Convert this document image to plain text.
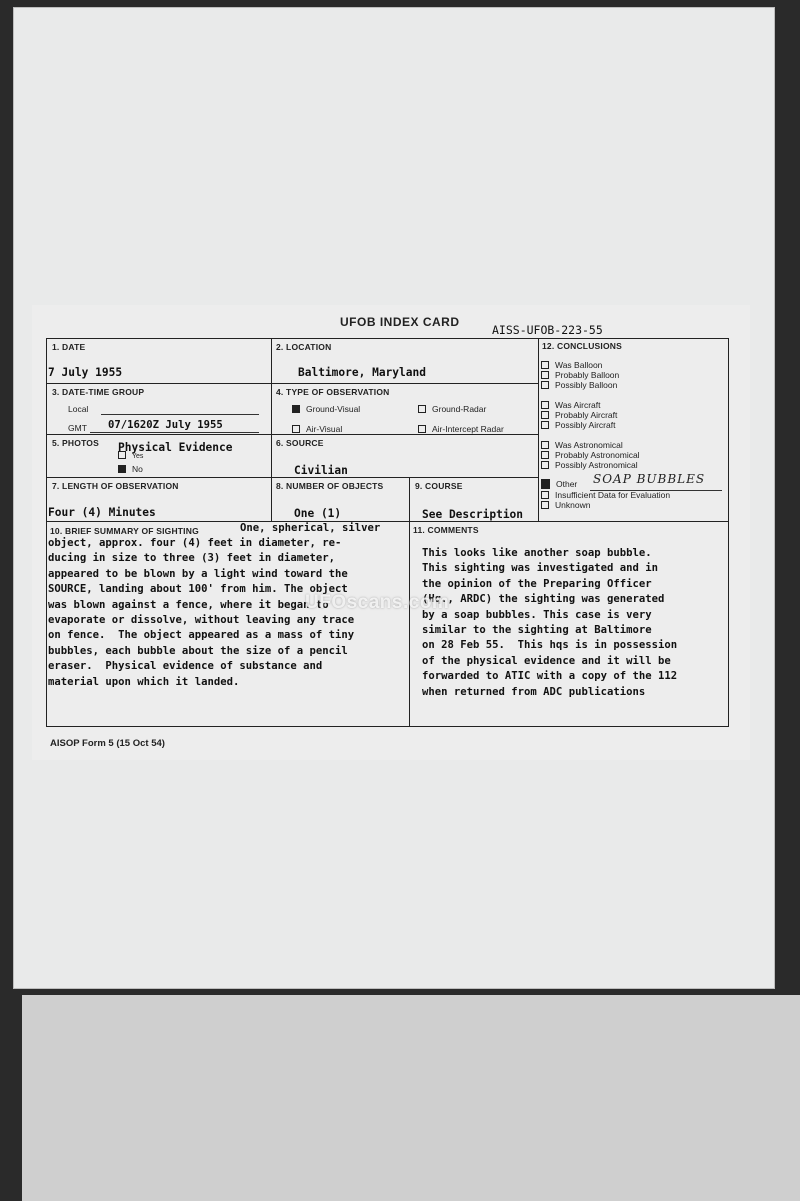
UFOB INDEX CARD
AISS-UFOB-223-55
1. DATE
7 July 1955
2. LOCATION
Baltimore, Maryland
3. DATE-TIME GROUP
Local
GMT 07/1620Z July 1955
4. TYPE OF OBSERVATION
Ground-Visual	Ground-Radar
Air-Visual	Air-Intercept Radar
5. PHOTOS Physical Evidence
Yes
No
6. SOURCE
Civilian
7. LENGTH OF OBSERVATION
Four (4) Minutes
8. NUMBER OF OBJECTS
One (1)
9. COURSE
See Description
12. CONCLUSIONS
Was Balloon
Probably Balloon
Possibly Balloon
Was Aircraft
Probably Aircraft
Possibly Aircraft
Was Astronomical
Probably Astronomical
Possibly Astronomical
Other SOAP BUBBLES
Insufficient Data for Evaluation
Unknown
10. BRIEF SUMMARY OF SIGHTING	One, spherical, silver
object, approx. four (4) feet in diameter, re-
ducing in size to three (3) feet in diameter,
appeared to be blown by a light wind toward the
SOURCE, landing about 100' from him. The object
was blown against a fence, where it began to
evaporate or dissolve, without leaving any trace
on fence.  The object appeared as a mass of tiny
bubbles, each bubble about the size of a pencil
eraser.  Physical evidence of substance and
material upon which it landed.
11. COMMENTS
This looks like another soap bubble.
This sighting was investigated and in
the opinion of the Preparing Officer
(Hq., ARDC) the sighting was generated
by a soap bubbles. This case is very
similar to the sighting at Baltimore
on 28 Feb 55.  This hqs is in possession
of the physical evidence and it will be
forwarded to ATIC with a copy of the 112
when returned from ADC publications
AISOP Form 5 (15 Oct 54)
UFOscans.com
